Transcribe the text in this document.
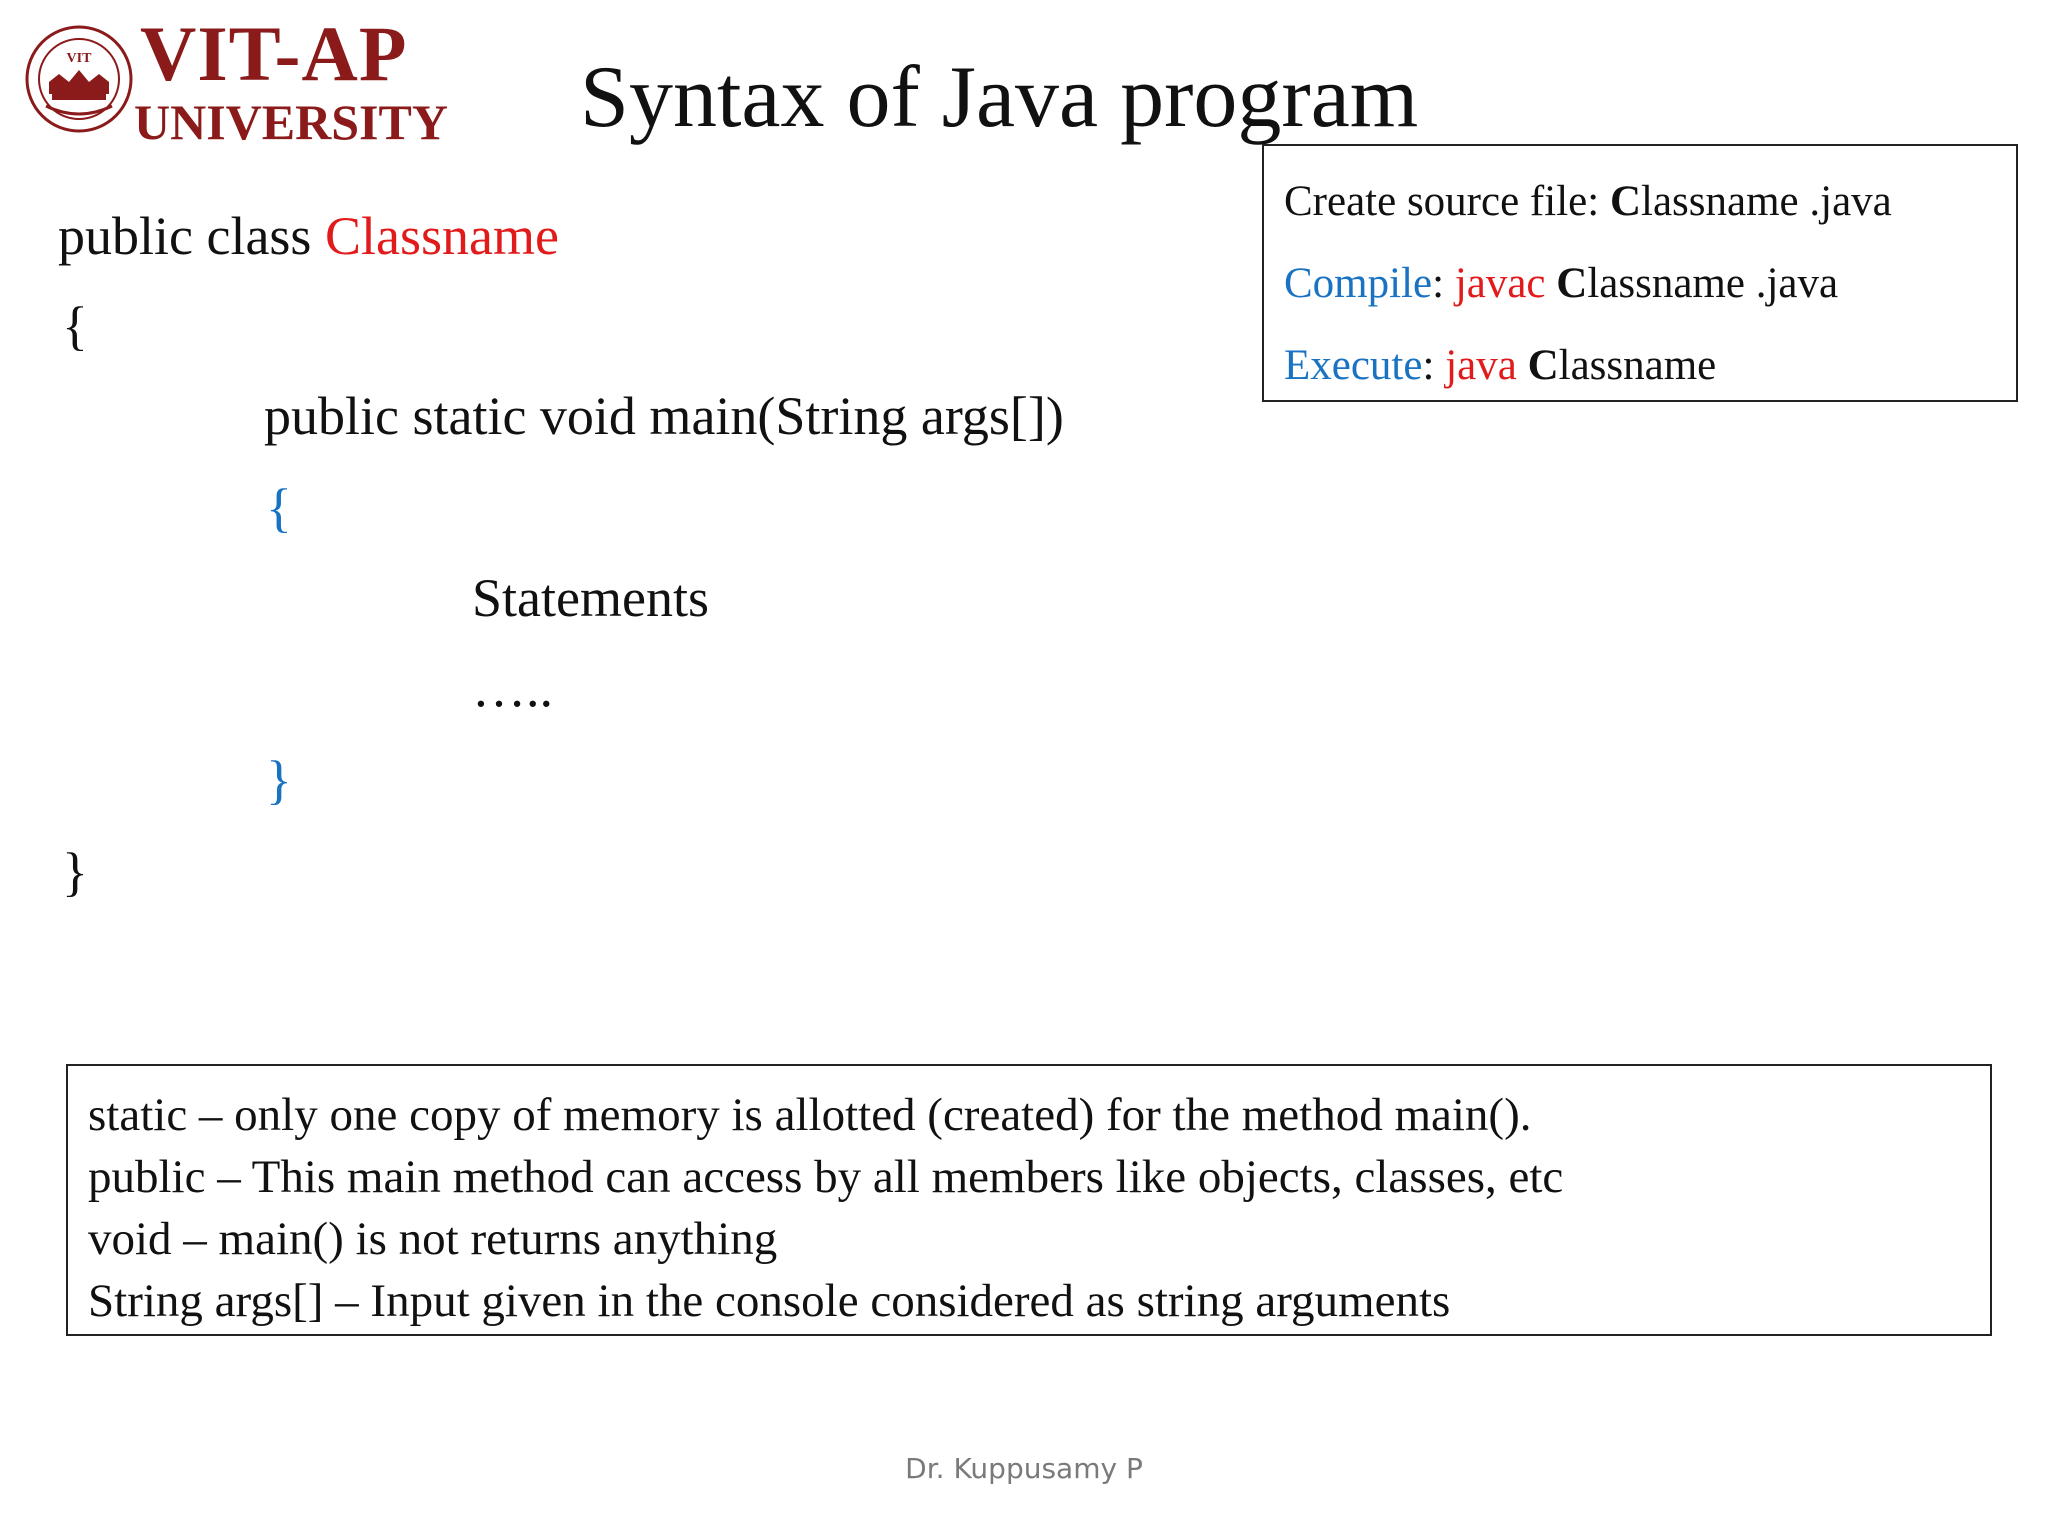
VIT VIT-AP
UNIVERSITY Syntax of Java program
public class Classname
{
public static void main(String args[])
{
Statements
…..
}
}
Create source file: Classname .java
Compile: javac Classname .java
Execute: java Classname
static – only one copy of memory is allotted (created) for the method main().
public – This main method can access by all members like objects, classes, etc
void – main() is not returns anything
String args[] – Input given in the console considered as string arguments
Dr. Kuppusamy P
